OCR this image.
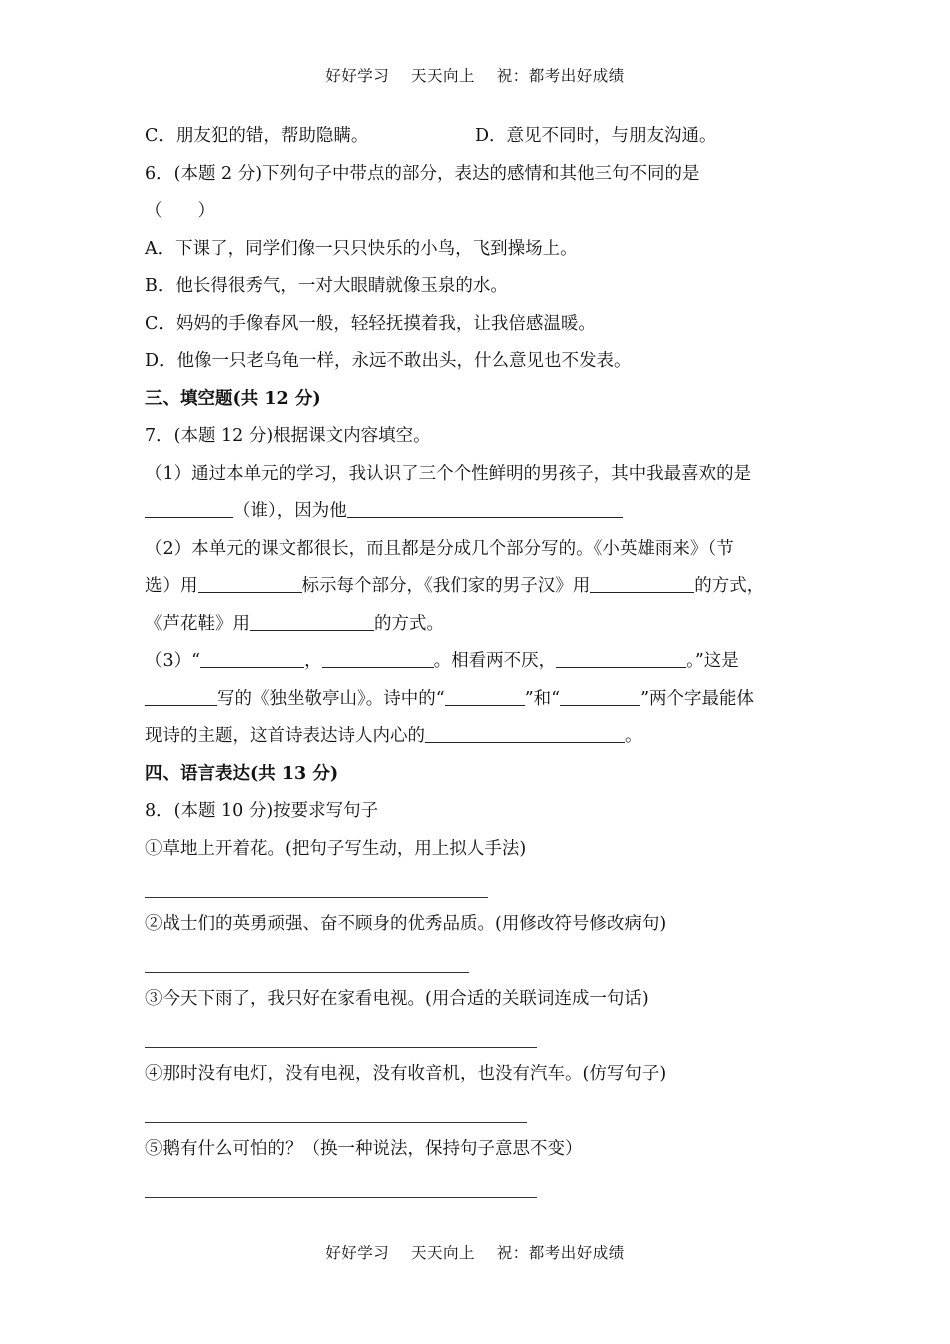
好好学习    天天向上    祝：都考出好成绩
C．朋友犯的错，帮助隐瞒。	D．意见不同时，与朋友沟通。
6．(本题 2 分)下列句子中带点的部分，表达的感情和其他三句不同的是
（　　）
A．下课了，同学们像一只只快乐的小鸟，飞到操场上。
B．他长得很秀气，一对大眼睛就像玉泉的水。
C．妈妈的手像春风一般，轻轻抚摸着我，让我倍感温暖。
D．他像一只老乌龟一样，永远不敢出头，什么意见也不发表。
三、填空题(共 12 分)
7．(本题 12 分)根据课文内容填空。
（1）通过本单元的学习，我认识了三个个性鲜明的男孩子，其中我最喜欢的是
（谁），因为他
（2）本单元的课文都很长，而且都是分成几个部分写的。《小英雄雨来》（节
选）用	标示每个部分，《我们家的男子汉》用	的方式，
《芦花鞋》用	的方式。
（3）“	，	。相看两不厌，	。”这是
写的《独坐敬亭山》。诗中的“	”和“	”两个字最能体
现诗的主题，这首诗表达诗人内心的	。
四、语言表达(共 13 分)
8．(本题 10 分)按要求写句子
①草地上开着花。(把句子写生动，用上拟人手法)
②战士们的英勇顽强、奋不顾身的优秀品质。(用修改符号修改病句)
③今天下雨了，我只好在家看电视。(用合适的关联词连成一句话)
④那时没有电灯，没有电视，没有收音机，也没有汽车。(仿写句子)
⑤鹅有什么可怕的？（换一种说法，保持句子意思不变）
好好学习    天天向上    祝：都考出好成绩
